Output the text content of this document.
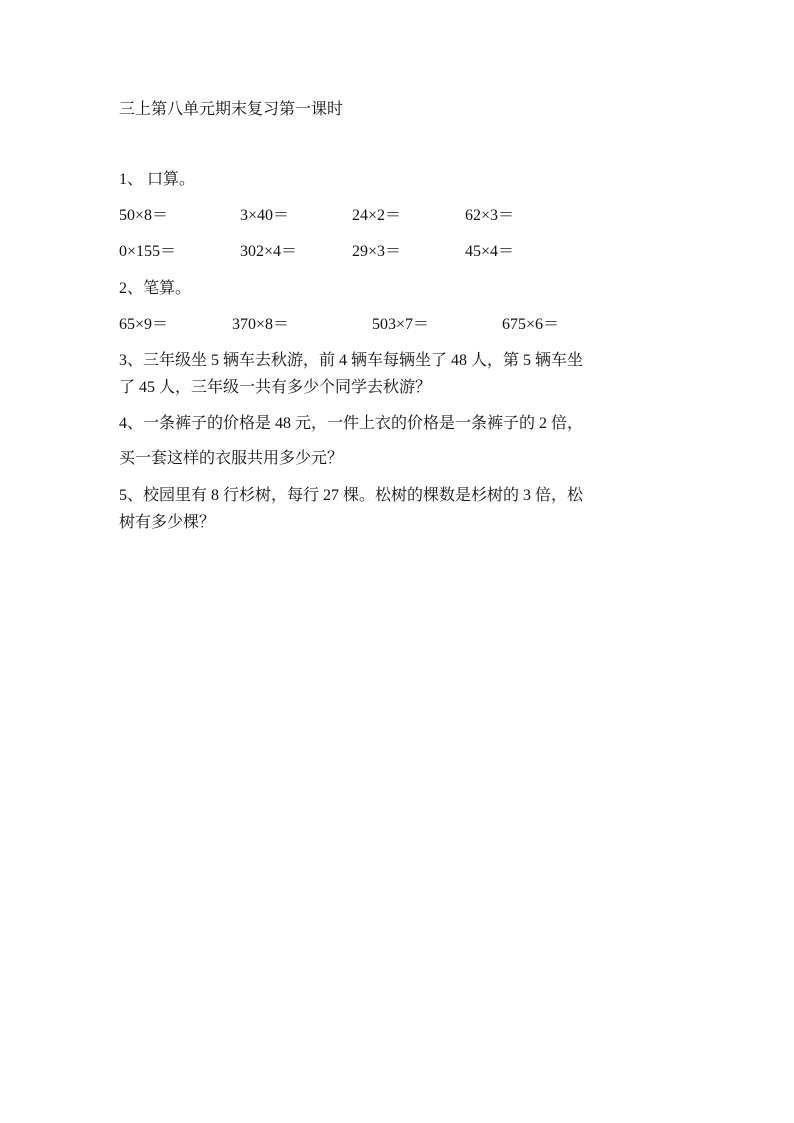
三上第八单元期末复习第一课时
1、 口算。
50×8＝	3×40＝	24×2＝	62×3＝
0×155＝	302×4＝	29×3＝	45×4＝
2、笔算。
65×9＝	370×8＝	503×7＝	675×6＝
3、三年级坐 5 辆车去秋游，前 4 辆车每辆坐了 48 人，第 5 辆车坐
了 45 人，三年级一共有多少个同学去秋游？
4、一条裤子的价格是 48 元，一件上衣的价格是一条裤子的 2 倍，
买一套这样的衣服共用多少元？
5、校园里有 8 行杉树，每行 27 棵。松树的棵数是杉树的 3 倍，松
树有多少棵？
